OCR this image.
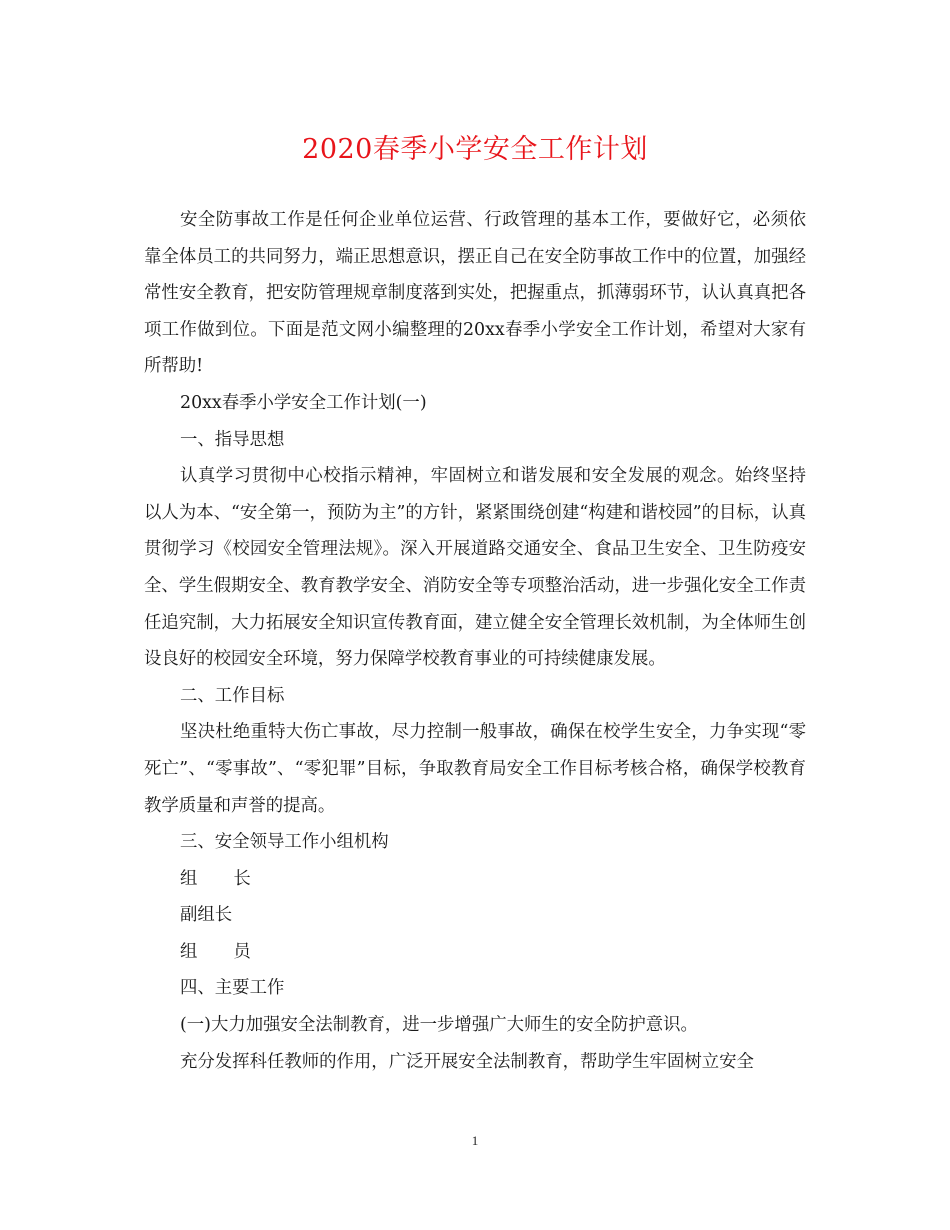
2020春季小学安全工作计划

安全防事故工作是任何企业单位运营、行政管理的基本工作，要做好它，必须依靠全体员工的共同努力，端正思想意识，摆正自己在安全防事故工作中的位置，加强经常性安全教育，把安防管理规章制度落到实处，把握重点，抓薄弱环节，认认真真把各项工作做到位。下面是范文网小编整理的20xx春季小学安全工作计划，希望对大家有所帮助!

20xx春季小学安全工作计划(一)

一、指导思想

认真学习贯彻中心校指示精神，牢固树立和谐发展和安全发展的观念。始终坚持以人为本、“安全第一，预防为主”的方针，紧紧围绕创建“构建和谐校园”的目标，认真贯彻学习《校园安全管理法规》。深入开展道路交通安全、食品卫生安全、卫生防疫安全、学生假期安全、教育教学安全、消防安全等专项整治活动，进一步强化安全工作责任追究制，大力拓展安全知识宣传教育面，建立健全安全管理长效机制，为全体师生创设良好的校园安全环境，努力保障学校教育事业的可持续健康发展。

二、工作目标

坚决杜绝重特大伤亡事故，尽力控制一般事故，确保在校学生安全，力争实现“零死亡”、“零事故”、“零犯罪”目标，争取教育局安全工作目标考核合格，确保学校教育教学质量和声誉的提高。

三、安全领导工作小组机构

组 长

副组长

组 员

四、主要工作

(一)大力加强安全法制教育，进一步增强广大师生的安全防护意识。

充分发挥科任教师的作用，广泛开展安全法制教育，帮助学生牢固树立安全

1
